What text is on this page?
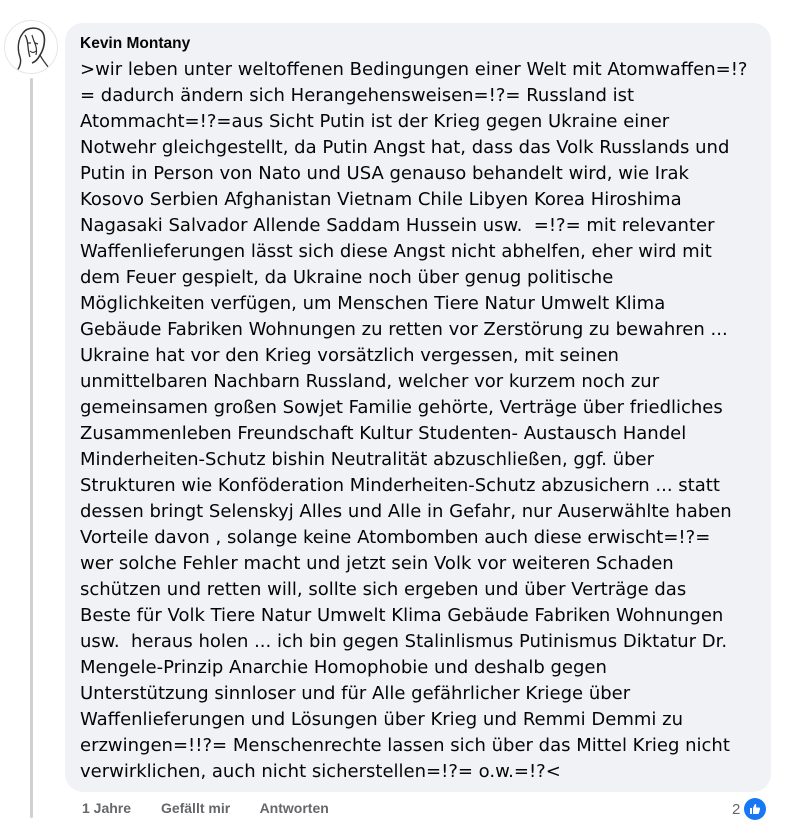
Kevin Montany
>wir leben unter weltoffenen Bedingungen einer Welt mit Atomwaffen=!?
= dadurch ändern sich Herangehensweisen=!?= Russland ist
Atommacht=!?=aus Sicht Putin ist der Krieg gegen Ukraine einer
Notwehr gleichgestellt, da Putin Angst hat, dass das Volk Russlands und
Putin in Person von Nato und USA genauso behandelt wird, wie Irak
Kosovo Serbien Afghanistan Vietnam Chile Libyen Korea Hiroshima
Nagasaki Salvador Allende Saddam Hussein usw.  =!?= mit relevanter
Waffenlieferungen lässt sich diese Angst nicht abhelfen, eher wird mit
dem Feuer gespielt, da Ukraine noch über genug politische
Möglichkeiten verfügen, um Menschen Tiere Natur Umwelt Klima
Gebäude Fabriken Wohnungen zu retten vor Zerstörung zu bewahren ...
Ukraine hat vor den Krieg vorsätzlich vergessen, mit seinen
unmittelbaren Nachbarn Russland, welcher vor kurzem noch zur
gemeinsamen großen Sowjet Familie gehörte, Verträge über friedliches
Zusammenleben Freundschaft Kultur Studenten- Austausch Handel
Minderheiten-Schutz bishin Neutralität abzuschließen, ggf. über
Strukturen wie Konföderation Minderheiten-Schutz abzusichern ... statt
dessen bringt Selenskyj Alles und Alle in Gefahr, nur Auserwählte haben
Vorteile davon , solange keine Atombomben auch diese erwischt=!?=
wer solche Fehler macht und jetzt sein Volk vor weiteren Schaden
schützen und retten will, sollte sich ergeben und über Verträge das
Beste für Volk Tiere Natur Umwelt Klima Gebäude Fabriken Wohnungen
usw.  heraus holen ... ich bin gegen Stalinlismus Putinismus Diktatur Dr.
Mengele-Prinzip Anarchie Homophobie und deshalb gegen
Unterstützung sinnloser und für Alle gefährlicher Kriege über
Waffenlieferungen und Lösungen über Krieg und Remmi Demmi zu
erzwingen=!!?= Menschenrechte lassen sich über das Mittel Krieg nicht
verwirklichen, auch nicht sicherstellen=!?= o.w.=!?<
1 Jahre Gefällt mir Antworten	2
